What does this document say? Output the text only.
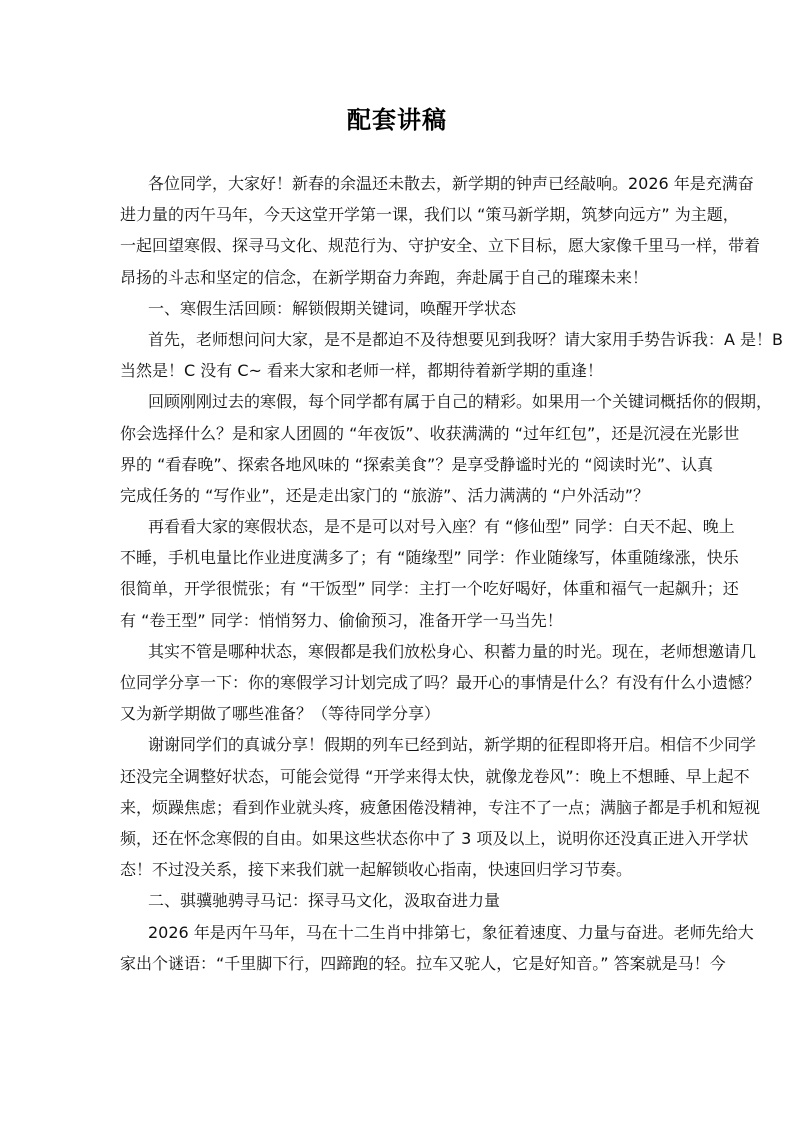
配套讲稿
各位同学，大家好！新春的余温还未散去，新学期的钟声已经敲响。2026 年是充满奋
进力量的丙午马年，今天这堂开学第一课，我们以 “策马新学期，筑梦向远方” 为主题，
一起回望寒假、探寻马文化、规范行为、守护安全、立下目标，愿大家像千里马一样，带着
昂扬的斗志和坚定的信念，在新学期奋力奔跑，奔赴属于自己的璀璨未来！
一、寒假生活回顾：解锁假期关键词，唤醒开学状态
首先，老师想问问大家，是不是都迫不及待想要见到我呀？请大家用手势告诉我：A 是！B
当然是！C 没有 C~ 看来大家和老师一样，都期待着新学期的重逢！
回顾刚刚过去的寒假，每个同学都有属于自己的精彩。如果用一个关键词概括你的假期，
你会选择什么？是和家人团圆的 “年夜饭”、收获满满的 “过年红包”，还是沉浸在光影世
界的 “看春晚”、探索各地风味的 “探索美食”？是享受静谧时光的 “阅读时光”、认真
完成任务的 “写作业”，还是走出家门的 “旅游”、活力满满的 “户外活动”？
再看看大家的寒假状态，是不是可以对号入座？有 “修仙型” 同学：白天不起、晚上
不睡，手机电量比作业进度满多了；有 “随缘型” 同学：作业随缘写，体重随缘涨，快乐
很简单，开学很慌张；有 “干饭型” 同学：主打一个吃好喝好，体重和福气一起飙升；还
有 “卷王型” 同学：悄悄努力、偷偷预习，准备开学一马当先！
其实不管是哪种状态，寒假都是我们放松身心、积蓄力量的时光。现在，老师想邀请几
位同学分享一下：你的寒假学习计划完成了吗？最开心的事情是什么？有没有什么小遗憾？
又为新学期做了哪些准备？（等待同学分享）
谢谢同学们的真诚分享！假期的列车已经到站，新学期的征程即将开启。相信不少同学
还没完全调整好状态，可能会觉得 “开学来得太快，就像龙卷风”：晚上不想睡、早上起不
来，烦躁焦虑；看到作业就头疼，疲惫困倦没精神，专注不了一点；满脑子都是手机和短视
频，还在怀念寒假的自由。如果这些状态你中了 3 项及以上，说明你还没真正进入开学状
态！不过没关系，接下来我们就一起解锁收心指南，快速回归学习节奏。
二、骐骥驰骋寻马记：探寻马文化，汲取奋进力量
2026 年是丙午马年，马在十二生肖中排第七，象征着速度、力量与奋进。老师先给大
家出个谜语：“千里脚下行，四蹄跑的轻。拉车又驼人，它是好知音。” 答案就是马！今
